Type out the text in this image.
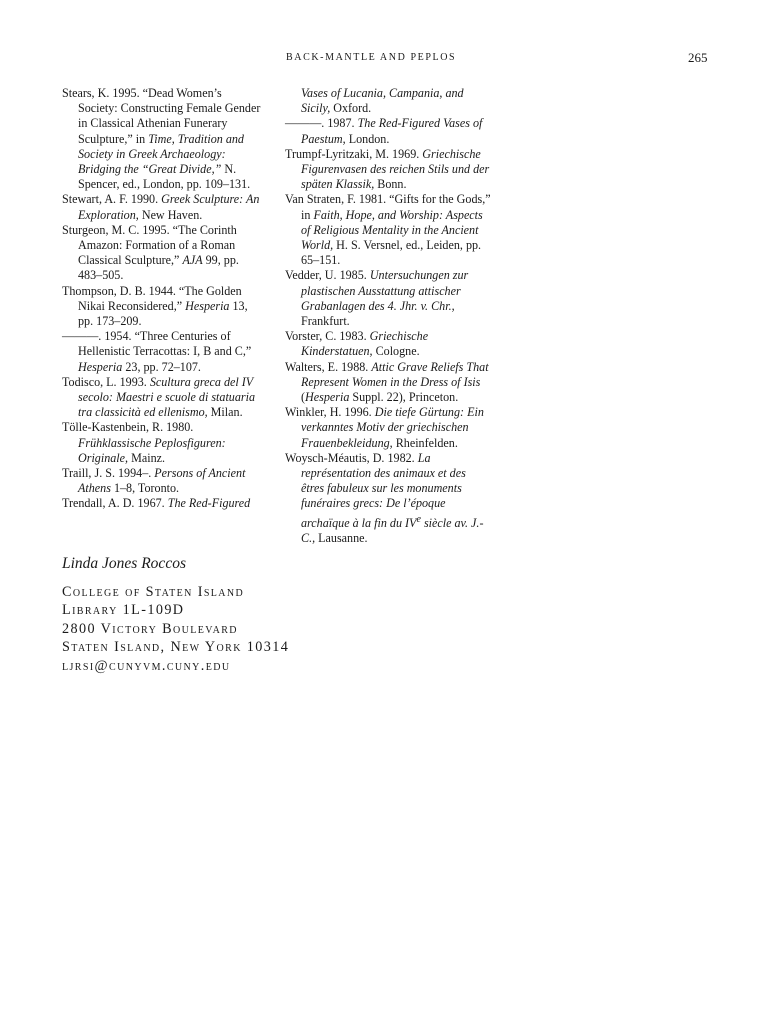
BACK-MANTLE AND PEPLOS	265
Stears, K. 1995. “Dead Women’s Society: Constructing Female Gender in Classical Athenian Funerary Sculpture,” in Time, Tradition and Society in Greek Archaeology: Bridging the “Great Divide,” N. Spencer, ed., London, pp. 109–131.
Stewart, A. F. 1990. Greek Sculpture: An Exploration, New Haven.
Sturgeon, M. C. 1995. “The Corinth Amazon: Formation of a Roman Classical Sculpture,” AJA 99, pp. 483–505.
Thompson, D. B. 1944. “The Golden Nikai Reconsidered,” Hesperia 13, pp. 173–209.
———. 1954. “Three Centuries of Hellenistic Terracottas: I, B and C,” Hesperia 23, pp. 72–107.
Todisco, L. 1993. Scultura greca del IV secolo: Maestri e scuole di statuaria tra classicità ed ellenismo, Milan.
Tölle-Kastenbein, R. 1980. Frühklassische Peplosfiguren: Originale, Mainz.
Traill, J. S. 1994–. Persons of Ancient Athens 1–8, Toronto.
Trendall, A. D. 1967. The Red-Figured
Vases of Lucania, Campania, and Sicily, Oxford.
———. 1987. The Red-Figured Vases of Paestum, London.
Trumpf-Lyritzaki, M. 1969. Griechische Figurenvasen des reichen Stils und der späten Klassik, Bonn.
Van Straten, F. 1981. “Gifts for the Gods,” in Faith, Hope, and Worship: Aspects of Religious Mentality in the Ancient World, H. S. Versnel, ed., Leiden, pp. 65–151.
Vedder, U. 1985. Untersuchungen zur plastischen Ausstattung attischer Grabanlagen des 4. Jhr. v. Chr., Frankfurt.
Vorster, C. 1983. Griechische Kinderstatuen, Cologne.
Walters, E. 1988. Attic Grave Reliefs That Represent Women in the Dress of Isis (Hesperia Suppl. 22), Princeton.
Winkler, H. 1996. Die tiefe Gürtung: Ein verkanntes Motiv der griechischen Frauenbekleidung, Rheinfelden.
Woysch-Méautis, D. 1982. La représentation des animaux et des êtres fabuleux sur les monuments funéraires grecs: De l’époque archaïque à la fin du IVe siècle av. J.-C., Lausanne.
Linda Jones Roccos
College of Staten Island
Library 1L-109D
2800 Victory Boulevard
Staten Island, New York 10314
ljrsi@cunyvm.cuny.edu
